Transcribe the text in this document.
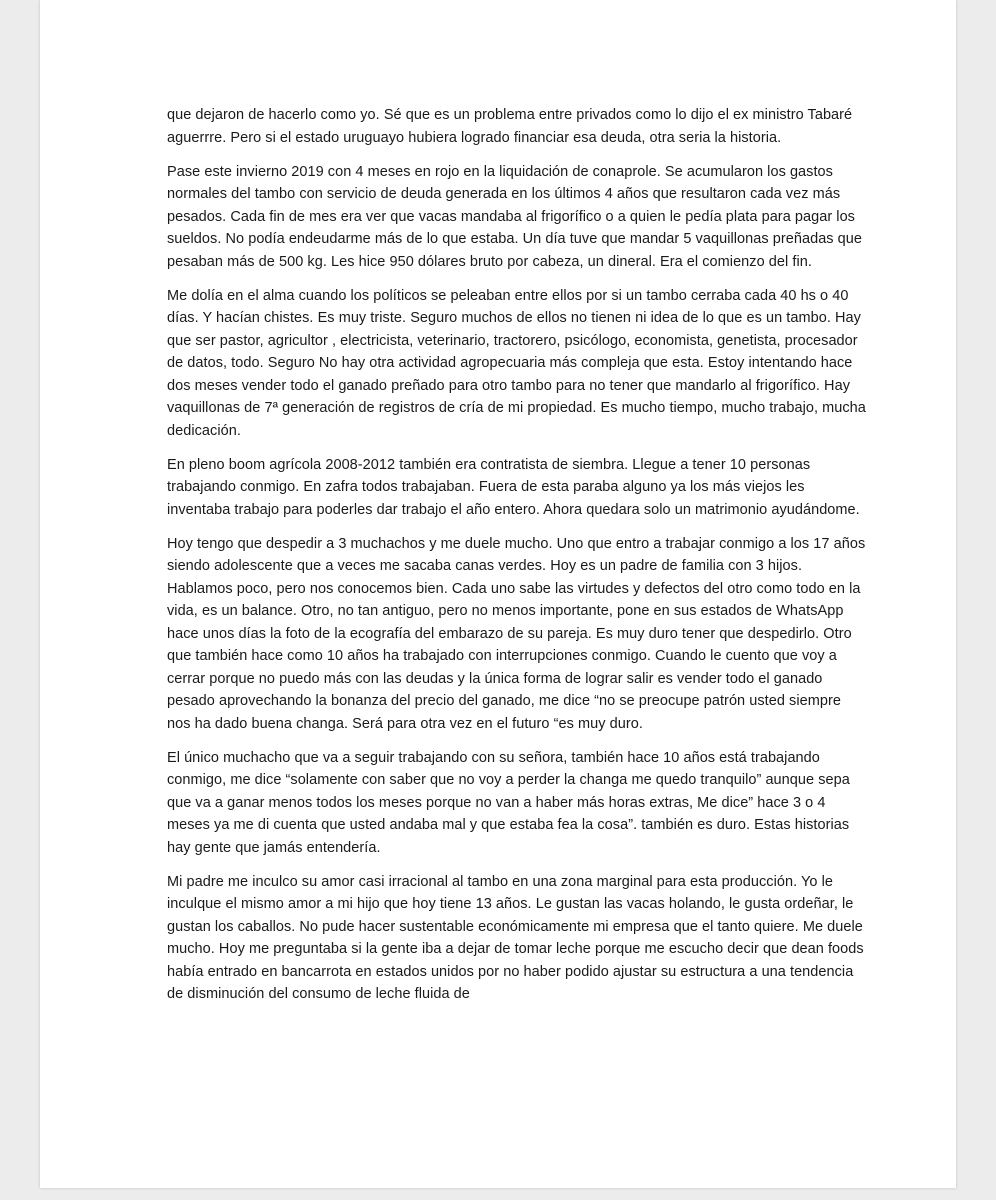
que dejaron de hacerlo como yo. Sé que es un problema entre privados como lo dijo el ex ministro Tabaré aguerrre. Pero si el estado uruguayo hubiera logrado financiar esa deuda, otra seria la historia.

Pase este invierno 2019 con 4 meses en rojo en la liquidación de conaprole. Se acumularon los gastos normales del tambo con servicio de deuda generada en los últimos 4 años que resultaron cada vez más pesados. Cada fin de mes era ver que vacas mandaba al frigorífico o a quien le pedía plata para pagar los sueldos. No podía endeudarme más de lo que estaba. Un día tuve que mandar 5 vaquillonas preñadas que pesaban más de 500 kg. Les hice 950 dólares bruto por cabeza, un dineral. Era el comienzo del fin.

Me dolía en el alma cuando los políticos se peleaban entre ellos por si un tambo cerraba cada 40 hs o 40 días. Y hacían chistes. Es muy triste. Seguro muchos de ellos no tienen ni idea de lo que es un tambo. Hay que ser pastor, agricultor , electricista, veterinario, tractorero, psicólogo, economista, genetista, procesador de datos, todo. Seguro No hay otra actividad agropecuaria más compleja que esta. Estoy intentando hace dos meses vender todo el ganado preñado para otro tambo para no tener que mandarlo al frigorífico. Hay vaquillonas de 7ª generación de registros de cría de mi propiedad. Es mucho tiempo, mucho trabajo, mucha dedicación.

En pleno boom agrícola 2008-2012 también era contratista de siembra. Llegue a tener 10 personas trabajando conmigo. En zafra todos trabajaban. Fuera de esta paraba alguno ya los más viejos les inventaba trabajo para poderles dar trabajo el año entero. Ahora quedara solo un matrimonio ayudándome.

Hoy tengo que despedir a 3 muchachos y me duele mucho. Uno que entro a trabajar conmigo a los 17 años siendo adolescente que a veces me sacaba canas verdes. Hoy es un padre de familia con 3 hijos. Hablamos poco, pero nos conocemos bien. Cada uno sabe las virtudes y defectos del otro como todo en la vida, es un balance. Otro, no tan antiguo, pero no menos importante, pone en sus estados de WhatsApp hace unos días la foto de la ecografía del embarazo de su pareja. Es muy duro tener que despedirlo. Otro que también hace como 10 años ha trabajado con interrupciones conmigo. Cuando le cuento que voy a cerrar porque no puedo más con las deudas y la única forma de lograr salir es vender todo el ganado pesado aprovechando la bonanza del precio del ganado, me dice “no se preocupe patrón usted siempre nos ha dado buena changa. Será para otra vez en el futuro “es muy duro.

El único muchacho que va a seguir trabajando con su señora, también hace 10 años está trabajando conmigo, me dice “solamente con saber que no voy a perder la changa me quedo tranquilo” aunque sepa que va a ganar menos todos los meses porque no van a haber más horas extras, Me dice” hace 3 o 4 meses ya me di cuenta que usted andaba mal y que estaba fea la cosa”. también es duro. Estas historias hay gente que jamás entendería.

Mi padre me inculco su amor casi irracional al tambo en una zona marginal para esta producción. Yo le inculque el mismo amor a mi hijo que hoy tiene 13 años. Le gustan las vacas holando, le gusta ordeñar, le gustan los caballos. No pude hacer sustentable económicamente mi empresa que el tanto quiere. Me duele mucho. Hoy me preguntaba si la gente iba a dejar de tomar leche porque me escucho decir que dean foods había entrado en bancarrota en estados unidos por no haber podido ajustar su estructura a una tendencia de disminución del consumo de leche fluida de
